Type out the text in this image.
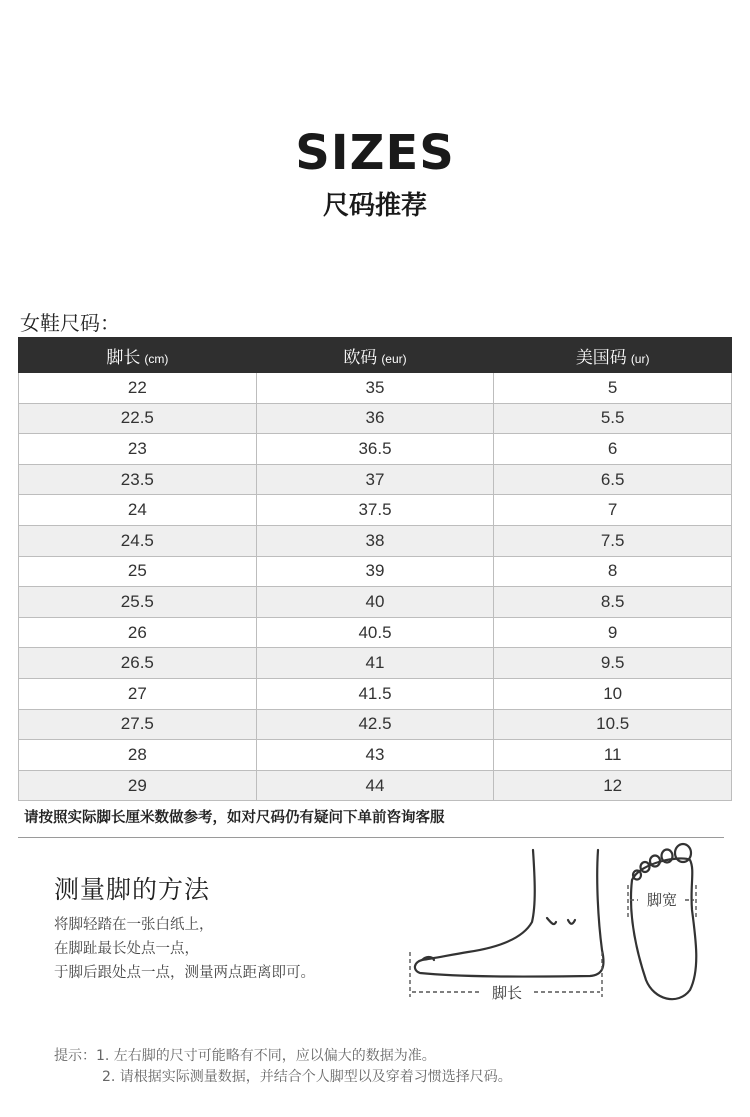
SIZES
尺码推荐
女鞋尺码：
脚长 (cm)	欧码 (eur)	美国码 (ur)
22	35	5
22.5	36	5.5
23	36.5	6
23.5	37	6.5
24	37.5	7
24.5	38	7.5
25	39	8
25.5	40	8.5
26	40.5	9
26.5	41	9.5
27	41.5	10
27.5	42.5	10.5
28	43	11
29	44	12
请按照实际脚长厘米数做参考，如对尺码仍有疑问下单前咨询客服
测量脚的方法
将脚轻踏在一张白纸上，
在脚趾最长处点一点，
于脚后跟处点一点，测量两点距离即可。
脚长
脚宽
提示：1. 左右脚的尺寸可能略有不同，应以偏大的数据为准。
2. 请根据实际测量数据，并结合个人脚型以及穿着习惯选择尺码。
